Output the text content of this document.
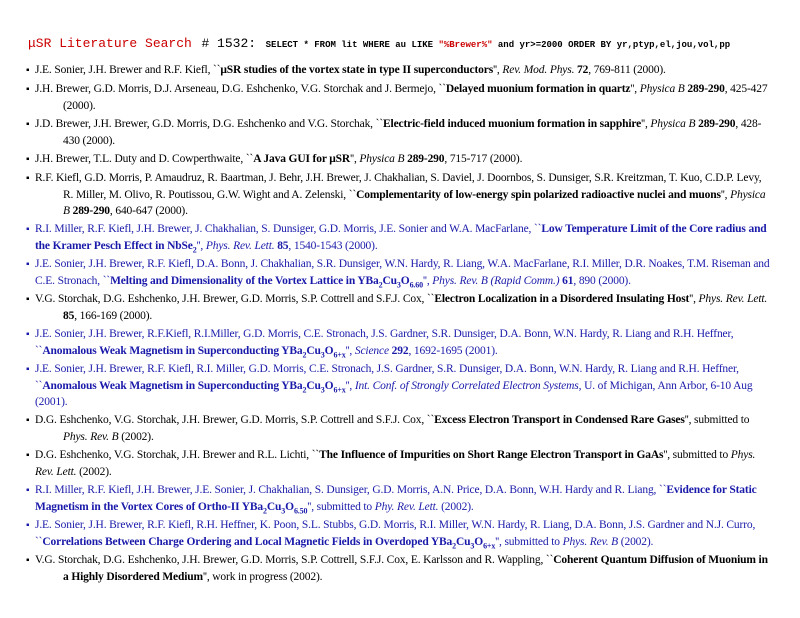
μSR Literature Search # 1532: SELECT * FROM lit WHERE au LIKE "%Brewer%" and yr>=2000 ORDER BY yr,ptyp,el,jou,vol,pp
▪ J.E. Sonier, J.H. Brewer and R.F. Kiefl, ``μSR studies of the vortex state in type II superconductors'', Rev. Mod. Phys. 72, 769-811 (2000).
▪ J.H. Brewer, G.D. Morris, D.J. Arseneau, D.G. Eshchenko, V.G. Storchak and J. Bermejo, ``Delayed muonium formation in quartz'', Physica B 289-290, 425-427 (2000).
▪ J.D. Brewer, J.H. Brewer, G.D. Morris, D.G. Eshchenko and V.G. Storchak, ``Electric-field induced muonium formation in sapphire'', Physica B 289-290, 428-430 (2000).
▪ J.H. Brewer, T.L. Duty and D. Cowperthwaite, ``A Java GUI for μSR'', Physica B 289-290, 715-717 (2000).
▪ R.F. Kiefl, G.D. Morris, P. Amaudruz, R. Baartman, J. Behr, J.H. Brewer, J. Chakhalian, S. Daviel, J. Doornbos, S. Dunsiger, S.R. Kreitzman, T. Kuo, C.D.P. Levy, R. Miller, M. Olivo, R. Poutissou, G.W. Wight and A. Zelenski, ``Complementarity of low-energy spin polarized radioactive nuclei and muons'', Physica B 289-290, 640-647 (2000).
▪ R.I. Miller, R.F. Kiefl, J.H. Brewer, J. Chakhalian, S. Dunsiger, G.D. Morris, J.E. Sonier and W.A. MacFarlane, ``Low Temperature Limit of the Core radius and the Kramer Pesch Effect in NbSe$_2$'', Phys. Rev. Lett. 85, 1540-1543 (2000).
▪ J.E. Sonier, J.H. Brewer, R.F. Kiefl, D.A. Bonn, J. Chakhalian, S.R. Dunsiger, W.N. Hardy, R. Liang, W.A. MacFarlane, R.I. Miller, D.R. Noakes, T.M. Riseman and C.E. Stronach, ``Melting and Dimensionality of the Vortex Lattice in $YBa_2Cu_3O_{6.60}''$, Phys. Rev. B (Rapid Comm.) 61, 890 (2000).
▪ V.G. Storchak, D.G. Eshchenko, J.H. Brewer, G.D. Morris, S.P. Cottrell and S.F.J. Cox, ``Electron Localization in a Disordered Insulating Host'', Phys. Rev. Lett. 85, 166-169 (2000).
▪ J.E. Sonier, J.H. Brewer, R.F.Kiefl, R.I.Miller, G.D. Morris, C.E. Stronach, J.S. Gardner, S.R. Dunsiger, D.A. Bonn, W.N. Hardy, R. Liang and R.H. Heffner, ``Anomalous Weak Magnetism in Superconducting $YBa_2Cu_3O_{6+x}''$, Science 292, 1692-1695 (2001).
▪ J.E. Sonier, J.H. Brewer, R.F. Kiefl, R.I. Miller, G.D. Morris, C.E. Stronach, J.S. Gardner, S.R. Dunsiger, D.A. Bonn, W.N. Hardy, R. Liang and R.H. Heffner, ``Anomalous Weak Magnetism in Superconducting $YBa_2Cu_3O_{6+x}''$, Int. Conf. of Strongly Correlated Electron Systems, U. of Michigan, Ann Arbor, 6-10 Aug (2001).
▪ D.G. Eshchenko, V.G. Storchak, J.H. Brewer, G.D. Morris, S.P. Cottrell and S.F.J. Cox, ``Excess Electron Transport in Condensed Rare Gases'', submitted to Phys. Rev. B (2002).
▪ D.G. Eshchenko, V.G. Storchak, J.H. Brewer and R.L. Lichti, ``The Influence of Impurities on Short Range Electron Transport in GaAs'', submitted to Phys. Rev. Lett. (2002).
▪ R.I. Miller, R.F. Kiefl, J.H. Brewer, J.E. Sonier, J. Chakhalian, S. Dunsiger, G.D. Morris, A.N. Price, D.A. Bonn, W.H. Hardy and R. Liang, ``Evidence for Static Magnetism in the Vortex Cores of Ortho-II $YBa_2Cu_3O_{6.50}''$, submitted to Phy. Rev. Lett. (2002).
▪ J.E. Sonier, J.H. Brewer, R.F. Kiefl, R.H. Heffner, K. Poon, S.L. Stubbs, G.D. Morris, R.I. Miller, W.N. Hardy, R. Liang, D.A. Bonn, J.S. Gardner and N.J. Curro, ``Correlations Between Charge Ordering and Local Magnetic Fields in Overdoped $YBa_2Cu_3O_{6+x}''$, submitted to Phys. Rev. B (2002).
▪ V.G. Storchak, D.G. Eshchenko, J.H. Brewer, G.D. Morris, S.P. Cottrell, S.F.J. Cox, E. Karlsson and R. Wappling, ``Coherent Quantum Diffusion of Muonium in a Highly Disordered Medium'', work in progress (2002).
